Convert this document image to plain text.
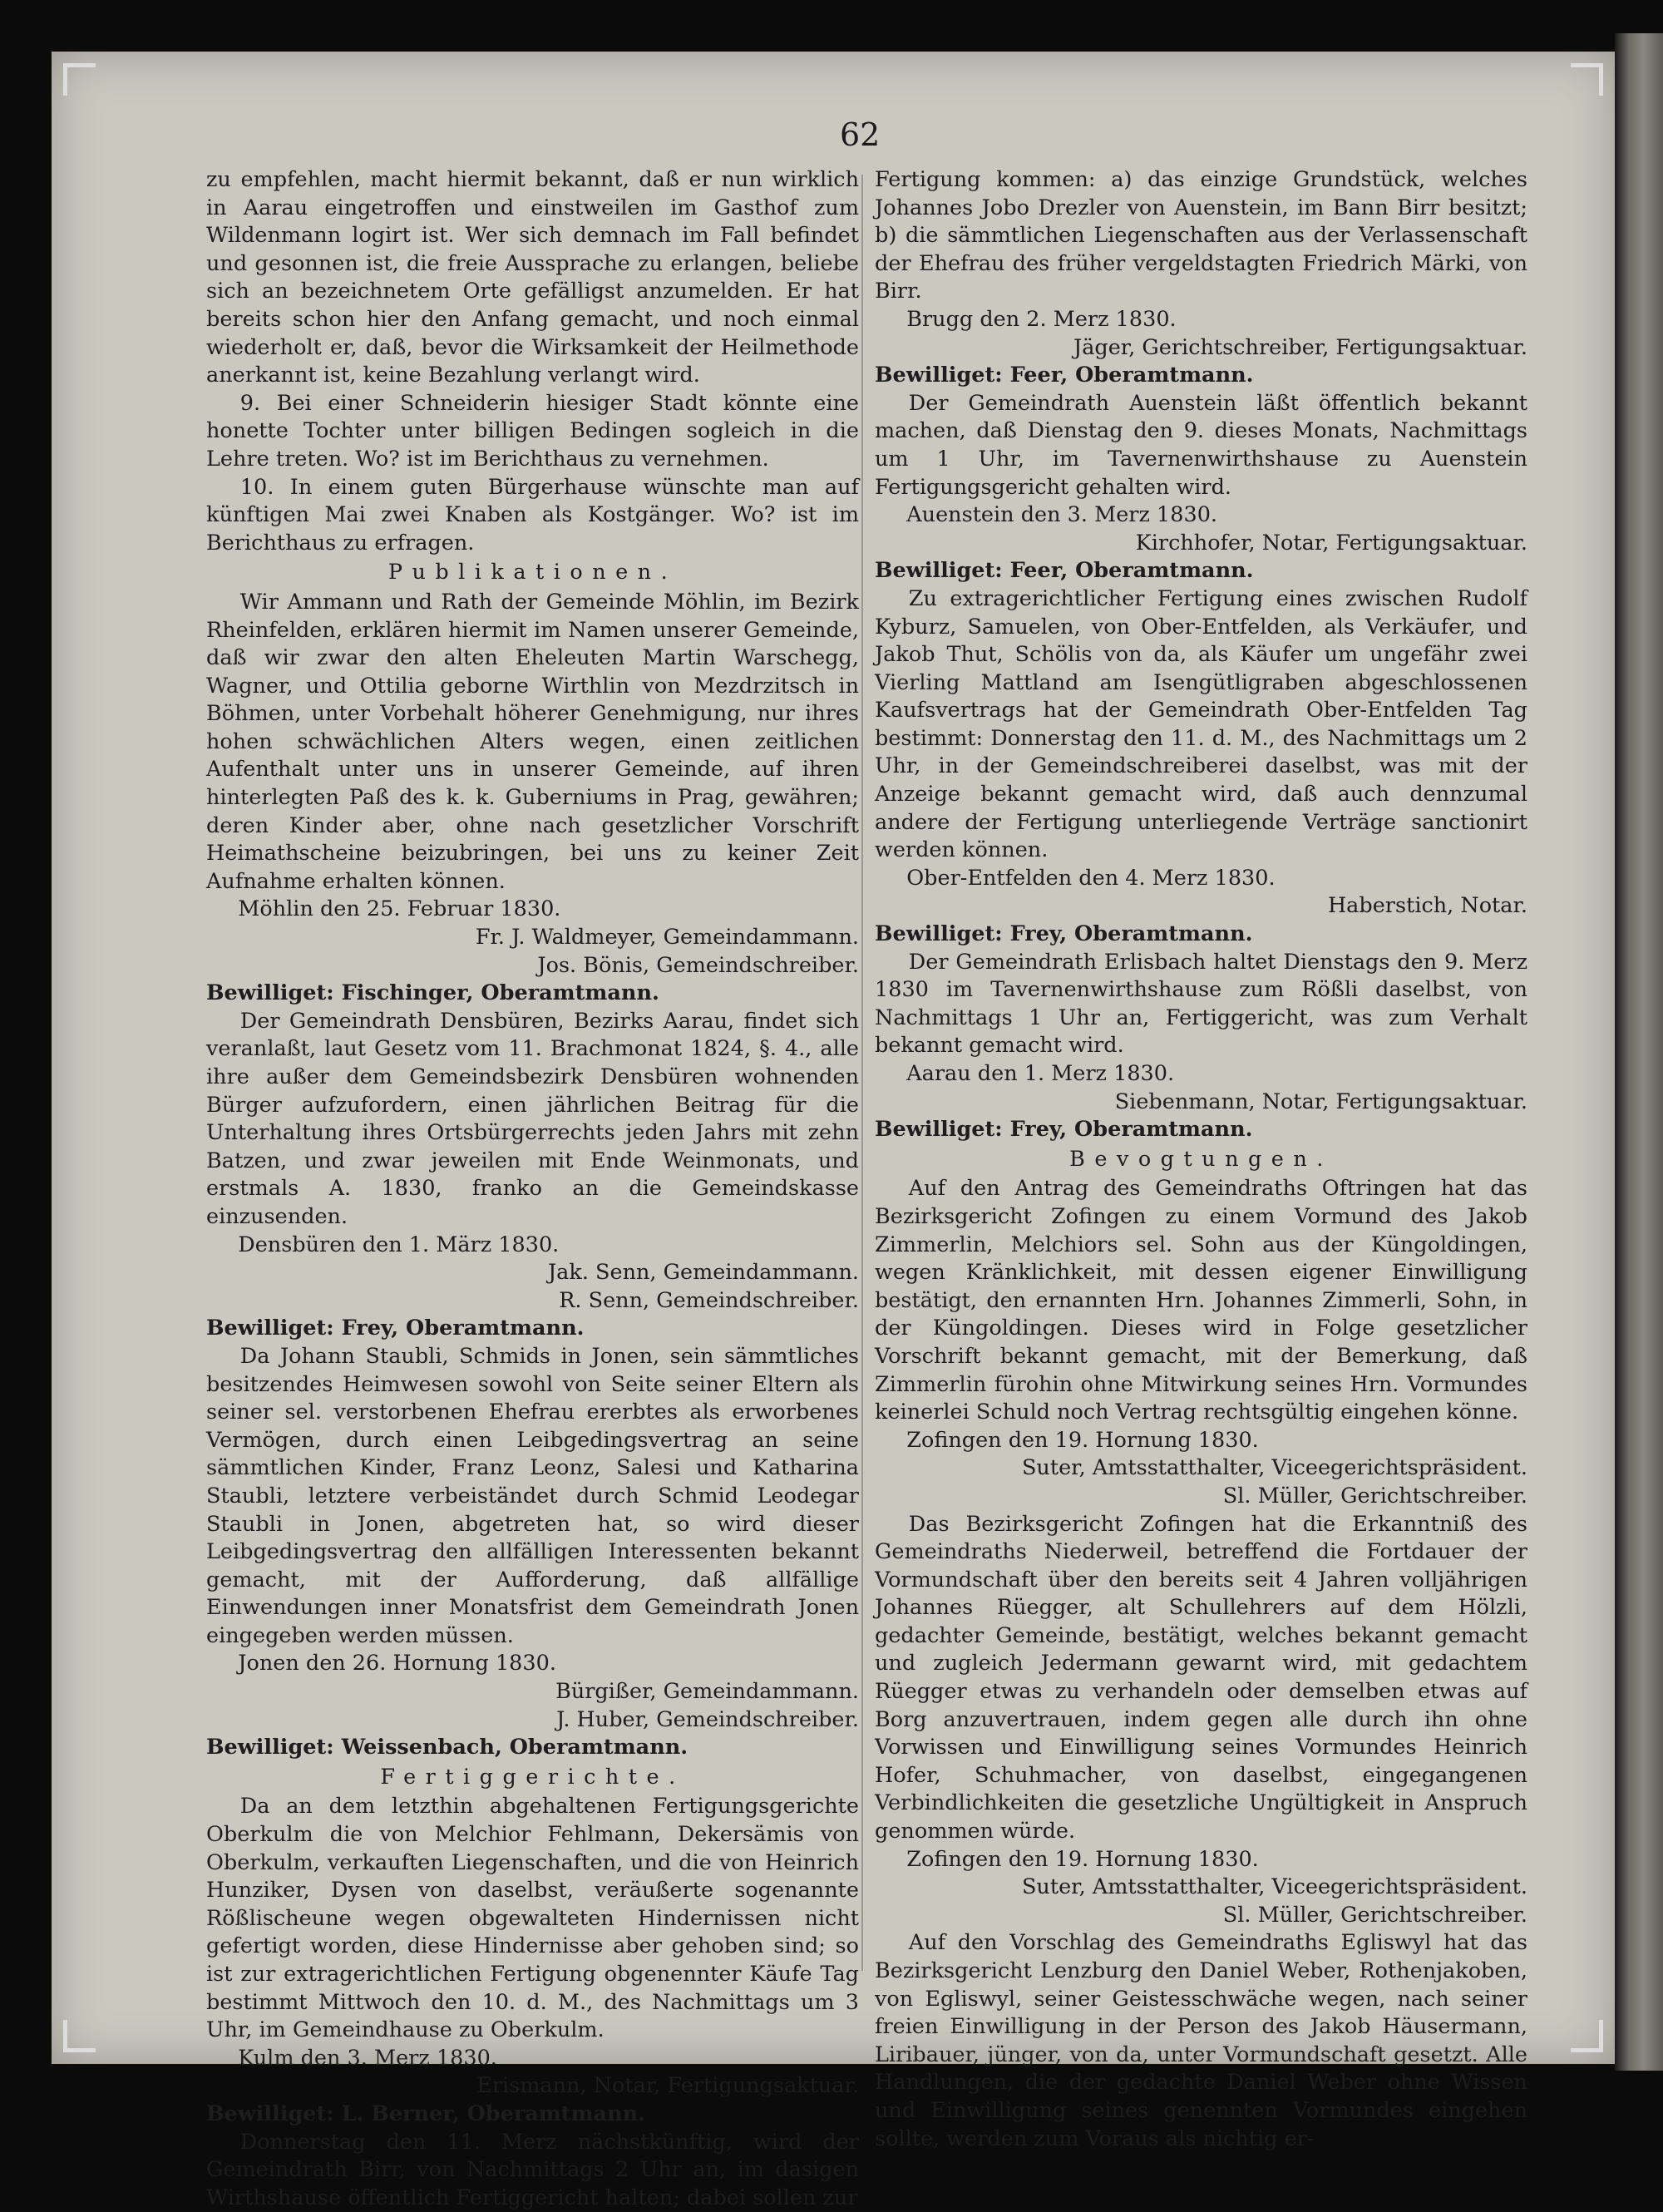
62

zu empfehlen, macht hiermit bekannt, daß er nun wirklich in Aarau eingetroffen und einstweilen im Gasthof zum Wildenmann logirt ist. Wer sich demnach im Fall befindet und gesonnen ist, die freie Aussprache zu erlangen, beliebe sich an bezeichnetem Orte gefälligst anzumelden. Er hat bereits schon hier den Anfang gemacht, und noch einmal wiederholt er, daß, bevor die Wirksamkeit der Heilmethode anerkannt ist, keine Bezahlung verlangt wird.

9. Bei einer Schneiderin hiesiger Stadt könnte eine honette Tochter unter billigen Bedingen sogleich in die Lehre treten. Wo? ist im Berichthaus zu vernehmen.

10. In einem guten Bürgerhause wünschte man auf künftigen Mai zwei Knaben als Kostgänger. Wo? ist im Berichthaus zu erfragen.

Publikationen.

Wir Ammann und Rath der Gemeinde Möhlin, im Bezirk Rheinfelden, erklären hiermit im Namen unserer Gemeinde, daß wir zwar den alten Eheleuten Martin Warschegg, Wagner, und Ottilia geborne Wirthlin von Mezdrzitsch in Böhmen, unter Vorbehalt höherer Genehmigung, nur ihres hohen schwächlichen Alters wegen, einen zeitlichen Aufenthalt unter uns in unserer Gemeinde, auf ihren hinterlegten Paß des k. k. Guberniums in Prag, gewähren; deren Kinder aber, ohne nach gesetzlicher Vorschrift Heimathscheine beizubringen, bei uns zu keiner Zeit Aufnahme erhalten können.

Möhlin den 25. Februar 1830.

Fr. J. Waldmeyer, Gemeindammann.

Jos. Bönis, Gemeindschreiber.

Bewilliget: Fischinger, Oberamtmann.

Der Gemeindrath Densbüren, Bezirks Aarau, findet sich veranlaßt, laut Gesetz vom 11. Brachmonat 1824, §. 4., alle ihre außer dem Gemeindsbezirk Densbüren wohnenden Bürger aufzufordern, einen jährlichen Beitrag für die Unterhaltung ihres Ortsbürgerrechts jeden Jahrs mit zehn Batzen, und zwar jeweilen mit Ende Weinmonats, und erstmals A. 1830, franko an die Gemeindskasse einzusenden.

Densbüren den 1. März 1830.

Jak. Senn, Gemeindammann.

R. Senn, Gemeindschreiber.

Bewilliget: Frey, Oberamtmann.

Da Johann Staubli, Schmids in Jonen, sein sämmtliches besitzendes Heimwesen sowohl von Seite seiner Eltern als seiner sel. verstorbenen Ehefrau ererbtes als erworbenes Vermögen, durch einen Leibgedingsvertrag an seine sämmtlichen Kinder, Franz Leonz, Salesi und Katharina Staubli, letztere verbeiständet durch Schmid Leodegar Staubli in Jonen, abgetreten hat, so wird dieser Leibgedingsvertrag den allfälligen Interessenten bekannt gemacht, mit der Aufforderung, daß allfällige Einwendungen inner Monatsfrist dem Gemeindrath Jonen eingegeben werden müssen.

Jonen den 26. Hornung 1830.

Bürgißer, Gemeindammann.

J. Huber, Gemeindschreiber.

Bewilliget: Weissenbach, Oberamtmann.

Fertiggerichte.

Da an dem letzthin abgehaltenen Fertigungsgerichte Oberkulm die von Melchior Fehlmann, Dekersämis von Oberkulm, verkauften Liegenschaften, und die von Heinrich Hunziker, Dysen von daselbst, veräußerte sogenannte Rößlischeune wegen obgewalteten Hindernissen nicht gefertigt worden, diese Hindernisse aber gehoben sind; so ist zur extragerichtlichen Fertigung obgenennter Käufe Tag bestimmt Mittwoch den 10. d. M., des Nachmittags um 3 Uhr, im Gemeindhause zu Oberkulm.

Kulm den 3. Merz 1830.

Erismann, Notar, Fertigungsaktuar.

Bewilliget: L. Berner, Oberamtmann.

Donnerstag den 11. Merz nächstkünftig, wird der Gemeindrath Birr, von Nachmittags 2 Uhr an, im dasigen Wirthshause öffentlich Fertiggericht halten; dabei sollen zur

Fertigung kommen: a) das einzige Grundstück, welches Johannes Jobo Drezler von Auenstein, im Bann Birr besitzt; b) die sämmtlichen Liegenschaften aus der Verlassenschaft der Ehefrau des früher vergeldstagten Friedrich Märki, von Birr.

Brugg den 2. Merz 1830.

Jäger, Gerichtschreiber, Fertigungsaktuar.

Bewilliget: Feer, Oberamtmann.

Der Gemeindrath Auenstein läßt öffentlich bekannt machen, daß Dienstag den 9. dieses Monats, Nachmittags um 1 Uhr, im Tavernenwirthshause zu Auenstein Fertigungsgericht gehalten wird.

Auenstein den 3. Merz 1830.

Kirchhofer, Notar, Fertigungsaktuar.

Bewilliget: Feer, Oberamtmann.

Zu extragerichtlicher Fertigung eines zwischen Rudolf Kyburz, Samuelen, von Ober-Entfelden, als Verkäufer, und Jakob Thut, Schölis von da, als Käufer um ungefähr zwei Vierling Mattland am Isengütligraben abgeschlossenen Kaufsvertrags hat der Gemeindrath Ober-Entfelden Tag bestimmt: Donnerstag den 11. d. M., des Nachmittags um 2 Uhr, in der Gemeindschreiberei daselbst, was mit der Anzeige bekannt gemacht wird, daß auch dennzumal andere der Fertigung unterliegende Verträge sanctionirt werden können.

Ober-Entfelden den 4. Merz 1830.

Haberstich, Notar.

Bewilliget: Frey, Oberamtmann.

Der Gemeindrath Erlisbach haltet Dienstags den 9. Merz 1830 im Tavernenwirthshause zum Rößli daselbst, von Nachmittags 1 Uhr an, Fertiggericht, was zum Verhalt bekannt gemacht wird.

Aarau den 1. Merz 1830.

Siebenmann, Notar, Fertigungsaktuar.

Bewilliget: Frey, Oberamtmann.

Bevogtungen.

Auf den Antrag des Gemeindraths Oftringen hat das Bezirksgericht Zofingen zu einem Vormund des Jakob Zimmerlin, Melchiors sel. Sohn aus der Küngoldingen, wegen Kränklichkeit, mit dessen eigener Einwilligung bestätigt, den ernannten Hrn. Johannes Zimmerli, Sohn, in der Küngoldingen. Dieses wird in Folge gesetzlicher Vorschrift bekannt gemacht, mit der Bemerkung, daß Zimmerlin fürohin ohne Mitwirkung seines Hrn. Vormundes keinerlei Schuld noch Vertrag rechtsgültig eingehen könne.

Zofingen den 19. Hornung 1830.

Suter, Amtsstatthalter, Viceegerichtspräsident.

Sl. Müller, Gerichtschreiber.

Das Bezirksgericht Zofingen hat die Erkanntniß des Gemeindraths Niederweil, betreffend die Fortdauer der Vormundschaft über den bereits seit 4 Jahren volljährigen Johannes Rüegger, alt Schullehrers auf dem Hölzli, gedachter Gemeinde, bestätigt, welches bekannt gemacht und zugleich Jedermann gewarnt wird, mit gedachtem Rüegger etwas zu verhandeln oder demselben etwas auf Borg anzuvertrauen, indem gegen alle durch ihn ohne Vorwissen und Einwilligung seines Vormundes Heinrich Hofer, Schuhmacher, von daselbst, eingegangenen Verbindlichkeiten die gesetzliche Ungültigkeit in Anspruch genommen würde.

Zofingen den 19. Hornung 1830.

Suter, Amtsstatthalter, Viceegerichtspräsident.

Sl. Müller, Gerichtschreiber.

Auf den Vorschlag des Gemeindraths Egliswyl hat das Bezirksgericht Lenzburg den Daniel Weber, Rothenjakoben, von Egliswyl, seiner Geistesschwäche wegen, nach seiner freien Einwilligung in der Person des Jakob Häusermann, Liribauer, jünger, von da, unter Vormundschaft gesetzt. Alle Handlungen, die der gedachte Daniel Weber ohne Wissen und Einwilligung seines genennten Vormundes eingehen sollte, werden zum Voraus als nichtig er-
